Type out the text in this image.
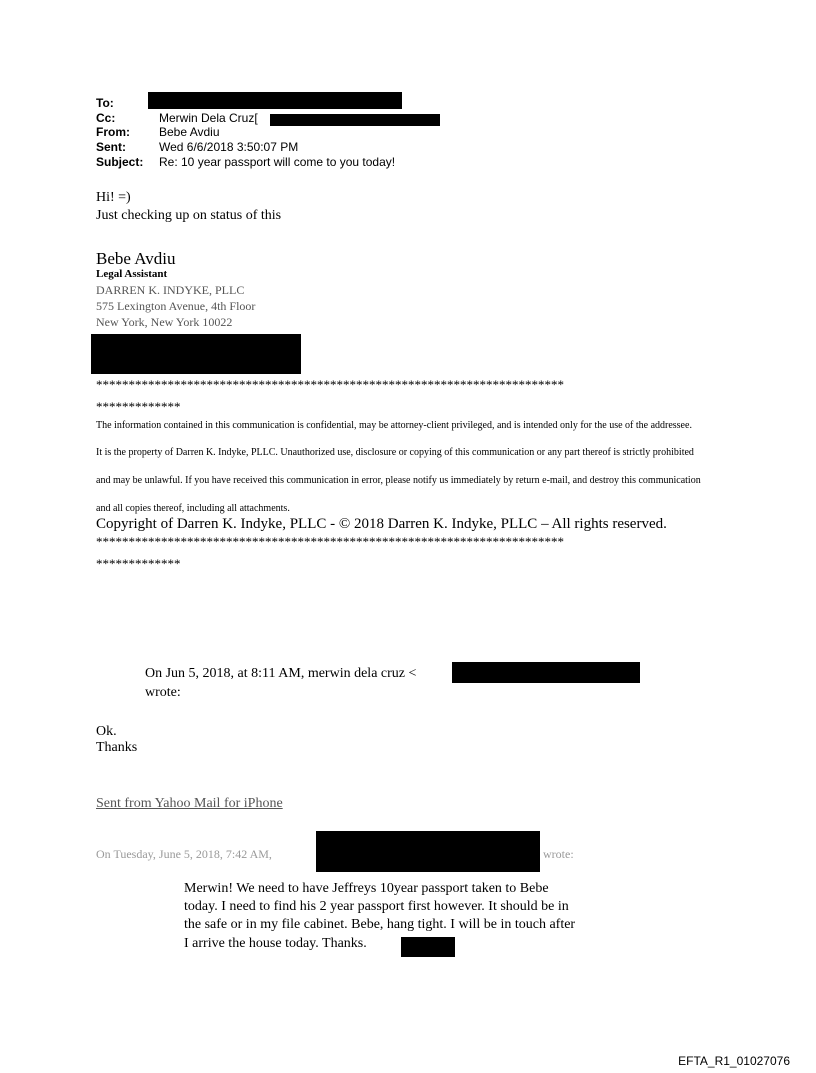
To:
Cc:	Merwin Dela Cruz[
From: Bebe Avdiu
Sent:	Wed 6/6/2018 3:50:07 PM
Subject: Re: 10 year passport will come to you today!
Hi! =)
Just checking up on status of this
Bebe Avdiu
Legal Assistant
DARREN K. INDYKE, PLLC
575 Lexington Avenue, 4th Floor
New York, New York 10022
************************************************************************
*************
The information contained in this communication is confidential, may be attorney-client privileged, and is intended only for the use of the addressee.
It is the property of Darren K. Indyke, PLLC. Unauthorized use, disclosure or copying of this communication or any part thereof is strictly prohibited
and may be unlawful. If you have received this communication in error, please notify us immediately by return e-mail, and destroy this communication
and all copies thereof, including all attachments.
Copyright of Darren K. Indyke, PLLC - © 2018 Darren K. Indyke, PLLC – All rights reserved.
************************************************************************
*************
On Jun 5, 2018, at 8:11 AM, merwin dela cruz <
wrote:
Ok.
Thanks
Sent from Yahoo Mail for iPhone
On Tuesday, June 5, 2018, 7:42 AM,	wrote:
Merwin! We need to have Jeffreys 10year passport taken to Bebe
today. I need to find his 2 year passport first however. It should be in
the safe or in my file cabinet. Bebe, hang tight. I will be in touch after
I arrive the house today. Thanks.
EFTA_R1_01027076
